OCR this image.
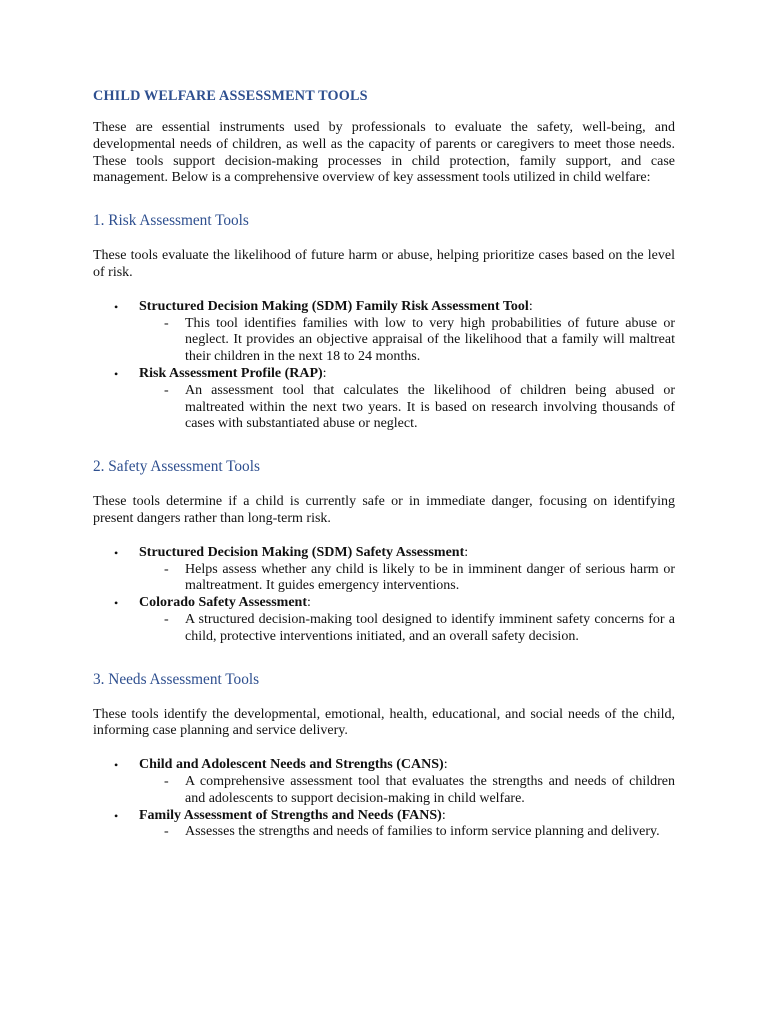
CHILD WELFARE ASSESSMENT TOOLS

These are essential instruments used by professionals to evaluate the safety, well-being, and developmental needs of children, as well as the capacity of parents or caregivers to meet those needs. These tools support decision-making processes in child protection, family support, and case management. Below is a comprehensive overview of key assessment tools utilized in child welfare:

1. Risk Assessment Tools

These tools evaluate the likelihood of future harm or abuse, helping prioritize cases based on the level of risk.

• Structured Decision Making (SDM) Family Risk Assessment Tool:
- This tool identifies families with low to very high probabilities of future abuse or neglect. It provides an objective appraisal of the likelihood that a family will maltreat their children in the next 18 to 24 months.
• Risk Assessment Profile (RAP):
- An assessment tool that calculates the likelihood of children being abused or maltreated within the next two years. It is based on research involving thousands of cases with substantiated abuse or neglect.
2. Safety Assessment Tools

These tools determine if a child is currently safe or in immediate danger, focusing on identifying present dangers rather than long-term risk.

• Structured Decision Making (SDM) Safety Assessment:
- Helps assess whether any child is likely to be in imminent danger of serious harm or maltreatment. It guides emergency interventions.
• Colorado Safety Assessment:
- A structured decision-making tool designed to identify imminent safety concerns for a child, protective interventions initiated, and an overall safety decision.
3. Needs Assessment Tools

These tools identify the developmental, emotional, health, educational, and social needs of the child, informing case planning and service delivery.

• Child and Adolescent Needs and Strengths (CANS):
- A comprehensive assessment tool that evaluates the strengths and needs of children and adolescents to support decision-making in child welfare.
• Family Assessment of Strengths and Needs (FANS):
- Assesses the strengths and needs of families to inform service planning and delivery.
